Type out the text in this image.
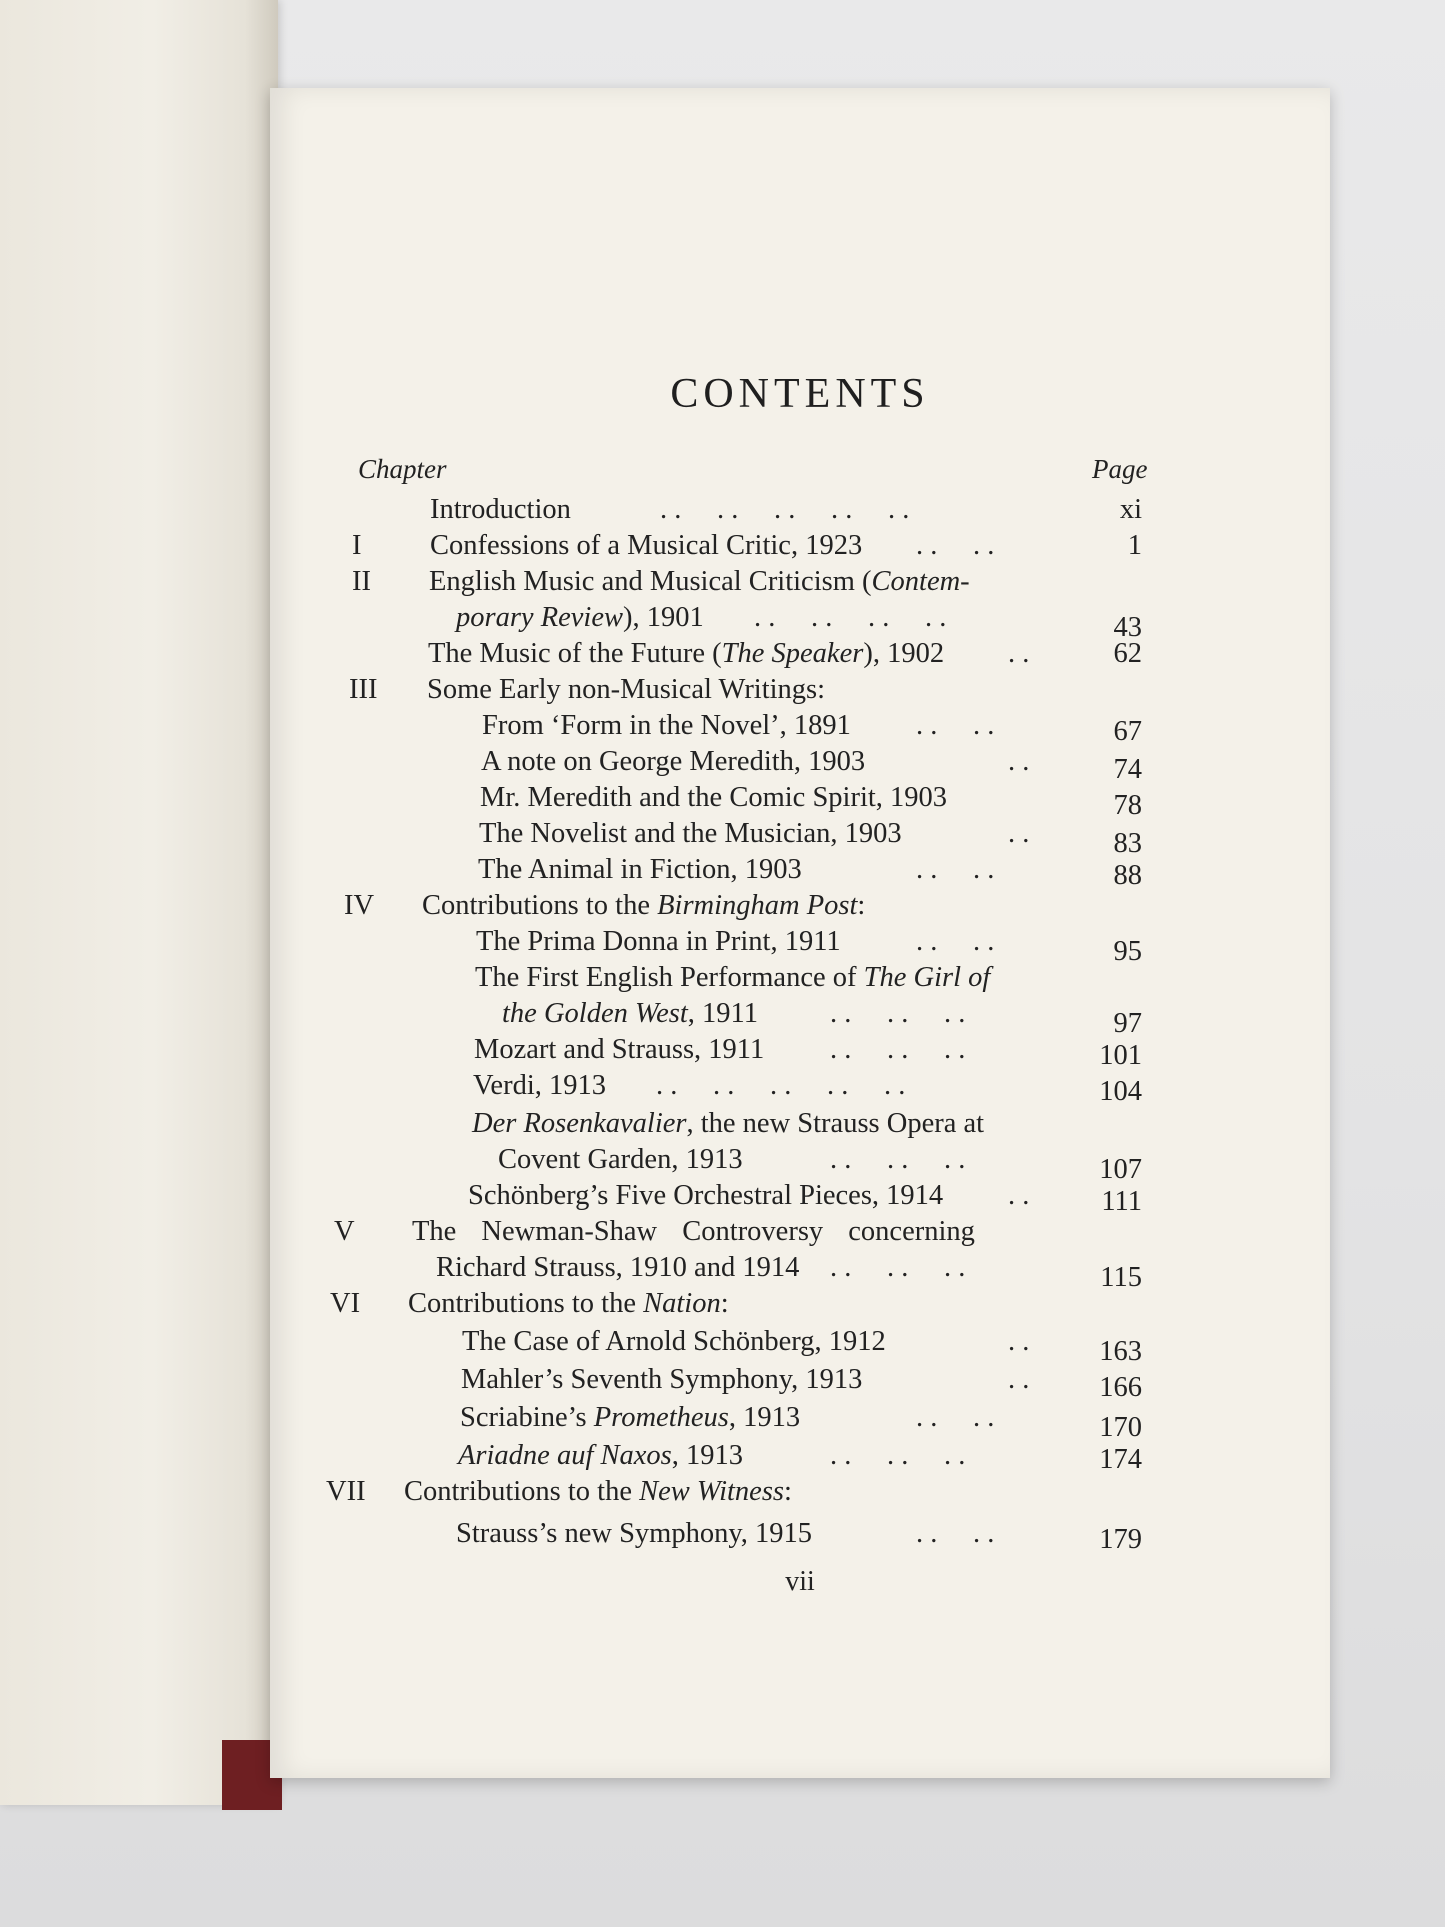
CONTENTS
Chapter	Page
Introduction	. .     . .     . .     . .     . .	xi
I Confessions of a Musical Critic, 1923 . .     . .	1
II English Music and Musical Criticism (Contem-
porary Review), 1901 . .     . .     . .     . .	43
The Music of the Future (The Speaker), 1902 . .	62
III Some Early non-Musical Writings:
From ‘Form in the Novel’, 1891 . .     . .	67
A note on George Meredith, 1903	. .	74
Mr. Meredith and the Comic Spirit, 1903	78
The Novelist and the Musician, 1903	. .	83
The Animal in Fiction, 1903	. .     . .	88
IV Contributions to the Birmingham Post:
The Prima Donna in Print, 1911	. .     . .	95
The First English Performance of The Girl of
the Golden West, 1911	. .     . .     . .	97
Mozart and Strauss, 1911 . .     . .     . .	101
Verdi, 1913 . .     . .     . .     . .     . .	104
Der Rosenkavalier, the new Strauss Opera at
Covent Garden, 1913	. .     . .     . .	107
Schönberg’s Five Orchestral Pieces, 1914 . .	111
V The Newman-Shaw Controversy concerning
Richard Strauss, 1910 and 1914 . .     . .     . .	115
VI Contributions to the Nation:
The Case of Arnold Schönberg, 1912	. .	163
Mahler’s Seventh Symphony, 1913	. .	166
Scriabine’s Prometheus, 1913	. .     . .	170
Ariadne auf Naxos, 1913	. .     . .     . .	174
VII Contributions to the New Witness:
Strauss’s new Symphony, 1915	. .     . .	179
vii
